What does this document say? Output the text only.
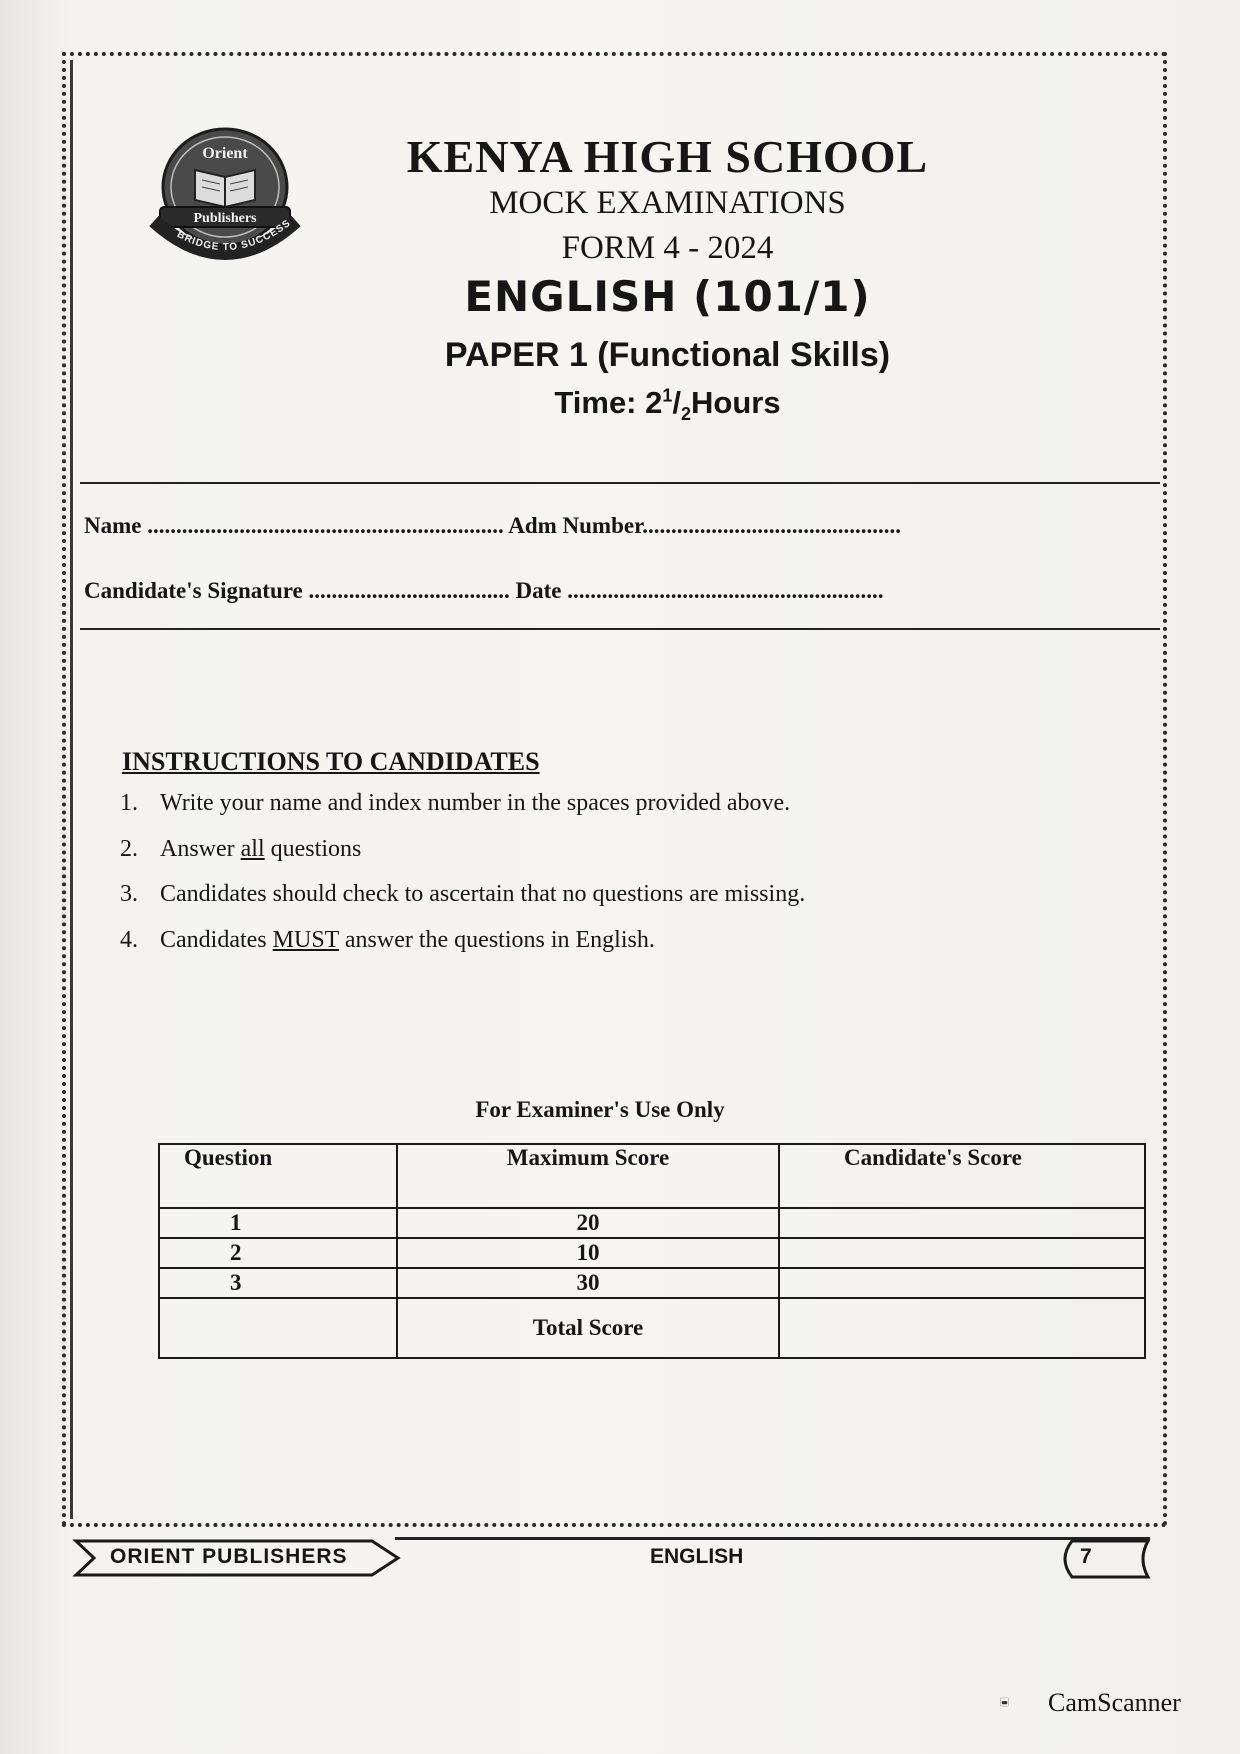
Orient
Publishers
BRIDGE TO SUCCESS
KENYA HIGH SCHOOL
MOCK EXAMINATIONS
FORM 4 - 2024
ENGLISH (101/1)
PAPER 1 (Functional Skills)
Time: $2^1/_2Hours$
Name .............................................................. Adm Number.............................................
Candidate's Signature ................................... Date .......................................................
INSTRUCTIONS TO CANDIDATES
1. Write your name and index number in the spaces provided above.
2. Answer all questions
3. Candidates should check to ascertain that no questions are missing.
4. Candidates MUST answer the questions in English.
For Examiner's Use Only
Question	Maximum Score	Candidate's Score
1	20	
2	10	
3	30	
	Total Score	
ORIENT PUBLISHERS	ENGLISH	7
CamScanner
